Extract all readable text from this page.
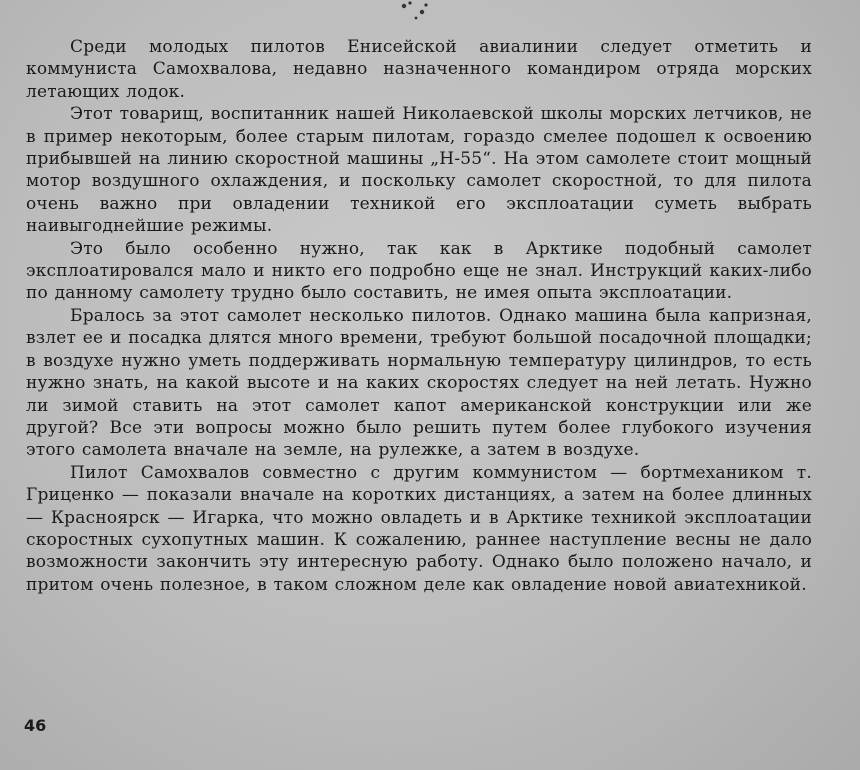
Среди молодых пилотов Енисейской авиалинии следует отметить и коммуниста Самохвалова, недавно назначенного командиром отряда морских летающих лодок.

Этот товарищ, воспитанник нашей Николаевской школы морских летчиков, не в пример некоторым, более старым пилотам, гораздо смелее подошел к освоению прибывшей на линию скоростной машины „Н-55“. На этом самолете стоит мощный мотор воздушного охлаждения, и поскольку самолет скоростной, то для пилота очень важно при овладении техникой его эксплоатации суметь выбрать наивыгоднейшие режимы.

Это было особенно нужно, так как в Арктике подобный самолет эксплоатировался мало и никто его подробно еще не знал. Инструкций каких-либо по данному самолету трудно было составить, не имея опыта эксплоатации.

Бралось за этот самолет несколько пилотов. Однако машина была капризная, взлет ее и посадка длятся много времени, требуют большой посадочной площадки; в воздухе нужно уметь поддерживать нормальную температуру цилиндров, то есть нужно знать, на какой высоте и на каких скоростях следует на ней летать. Нужно ли зимой ставить на этот самолет капот американской конструкции или же другой? Все эти вопросы можно было решить путем более глубокого изучения этого самолета вначале на земле, на рулежке, а затем в воздухе.

Пилот Самохвалов совместно с другим коммунистом — бортмехаником т. Гриценко — показали вначале на коротких дистанциях, а затем на более длинных — Красноярск — Игарка, что можно овладеть и в Арктике техникой эксплоатации скоростных сухопутных машин. К сожалению, раннее наступление весны не дало возможности закончить эту интересную работу. Однако было положено начало, и притом очень полезное, в таком сложном деле как овладение новой авиатехникой.

46
